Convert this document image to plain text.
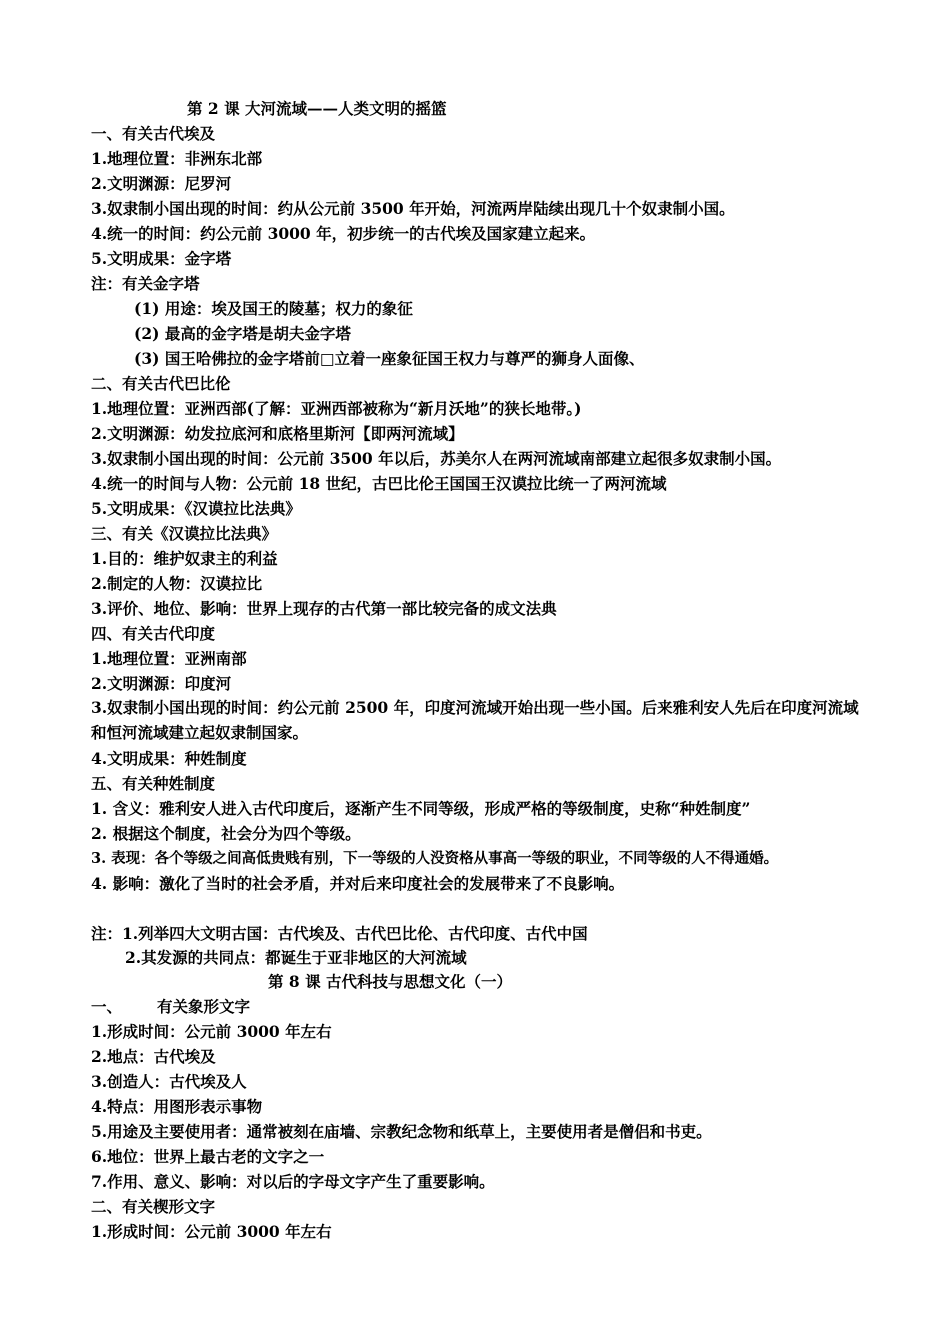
第 2 课 大河流域——人类文明的摇篮
一、有关古代埃及
1.地理位置：非洲东北部
2.文明渊源：尼罗河
3.奴隶制小国出现的时间：约从公元前 3500 年开始，河流两岸陆续出现几十个奴隶制小国。
4.统一的时间：约公元前 3000 年，初步统一的古代埃及国家建立起来。
5.文明成果：金字塔
注：有关金字塔
(1) 用途：埃及国王的陵墓；权力的象征
(2) 最高的金字塔是胡夫金字塔
(3) 国王哈佛拉的金字塔前□立着一座象征国王权力与尊严的狮身人面像、
二、有关古代巴比伦
1.地理位置：亚洲西部(了解：亚洲西部被称为“新月沃地”的狭长地带。)
2.文明渊源：幼发拉底河和底格里斯河【即两河流域】
3.奴隶制小国出现的时间：公元前 3500 年以后，苏美尔人在两河流域南部建立起很多奴隶制小国。
4.统一的时间与人物：公元前 18 世纪，古巴比伦王国国王汉谟拉比统一了两河流域
5.文明成果：《汉谟拉比法典》
三、有关《汉谟拉比法典》
1.目的：维护奴隶主的利益
2.制定的人物：汉谟拉比
3.评价、地位、影响：世界上现存的古代第一部比较完备的成文法典
四、有关古代印度
1.地理位置：亚洲南部
2.文明渊源：印度河
3.奴隶制小国出现的时间：约公元前 2500 年，印度河流域开始出现一些小国。后来雅利安人先后在印度河流域和恒河流域建立起奴隶制国家。
4.文明成果：种姓制度
五、有关种姓制度
1. 含义：雅利安人进入古代印度后，逐渐产生不同等级，形成严格的等级制度，史称“种姓制度”
2. 根据这个制度，社会分为四个等级。
3. 表现：各个等级之间高低贵贱有别，下一等级的人没资格从事高一等级的职业，不同等级的人不得通婚。
4. 影响：激化了当时的社会矛盾，并对后来印度社会的发展带来了不良影响。
注：1.列举四大文明古国：古代埃及、古代巴比伦、古代印度、古代中国
2.其发源的共同点：都诞生于亚非地区的大河流域
第 8 课 古代科技与思想文化（一）
一、 有关象形文字
1.形成时间：公元前 3000 年左右
2.地点：古代埃及
3.创造人：古代埃及人
4.特点：用图形表示事物
5.用途及主要使用者：通常被刻在庙墙、宗教纪念物和纸草上，主要使用者是僧侣和书吏。
6.地位：世界上最古老的文字之一
7.作用、意义、影响：对以后的字母文字产生了重要影响。
二、有关楔形文字
1.形成时间：公元前 3000 年左右
